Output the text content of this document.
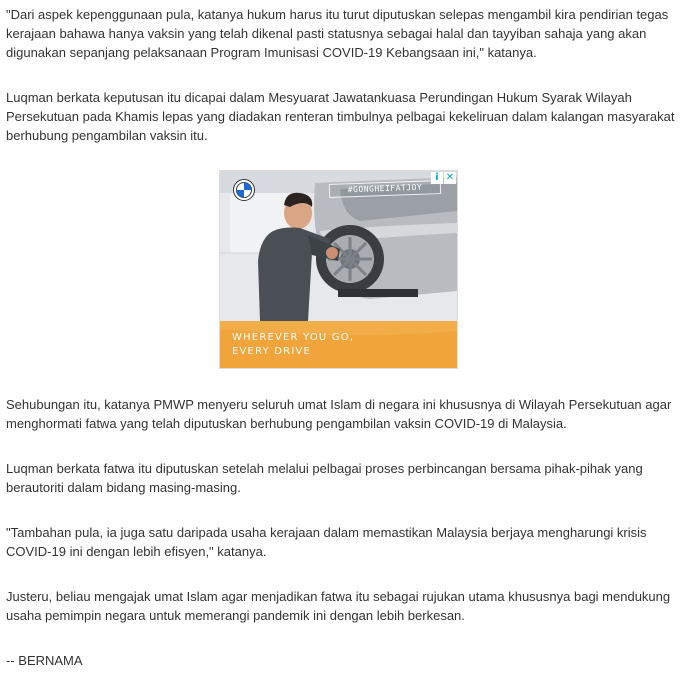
"Dari aspek kepenggunaan pula, katanya hukum harus itu turut diputuskan selepas mengambil kira pendirian tegas kerajaan bahawa hanya vaksin yang telah dikenal pasti statusnya sebagai halal dan tayyiban sahaja yang akan digunakan sepanjang pelaksanaan Program Imunisasi COVID-19 Kebangsaan ini," katanya.

Luqman berkata keputusan itu dicapai dalam Mesyuarat Jawatankuasa Perundingan Hukum Syarak Wilayah Persekutuan pada Khamis lepas yang diadakan renteran timbulnya pelbagai kekeliruan dalam kalangan masyarakat berhubung pengambilan vaksin itu.

Sehubungan itu, katanya PMWP menyeru seluruh umat Islam di negara ini khususnya di Wilayah Persekutuan agar menghormati fatwa yang telah diputuskan berhubung pengambilan vaksin COVID-19 di Malaysia.

Luqman berkata fatwa itu diputuskan setelah melalui pelbagai proses perbincangan bersama pihak-pihak yang berautoriti dalam bidang masing-masing.

"Tambahan pula, ia juga satu daripada usaha kerajaan dalam memastikan Malaysia berjaya mengharungi krisis COVID-19 ini dengan lebih efisyen," katanya.

Justeru, beliau mengajak umat Islam agar menjadikan fatwa itu sebagai rujukan utama khususnya bagi mendukung usaha pemimpin negara untuk memerangi pandemik ini dengan lebih berkesan.

-- BERNAMA

#GONGHEIFATJOY
WHEREVER YOU GO,
EVERY DRIVE
i ✕
